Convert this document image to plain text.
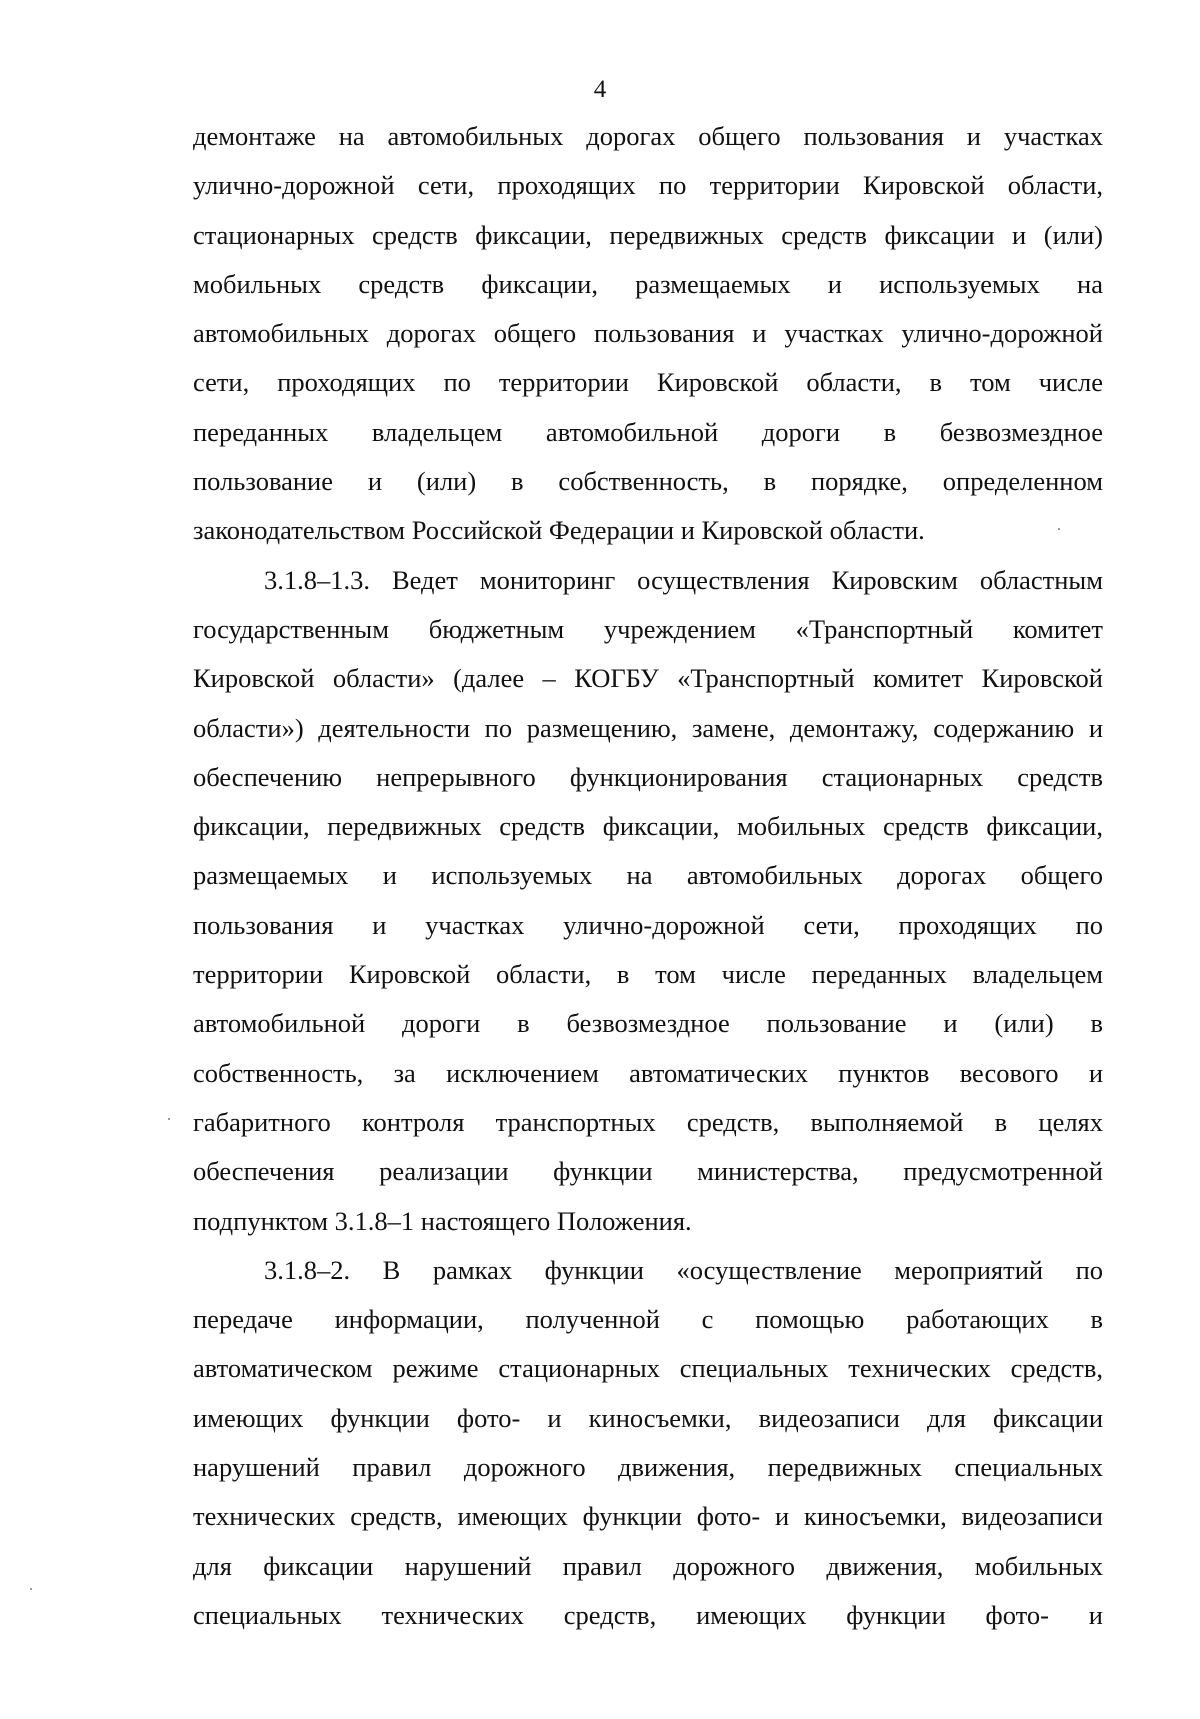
4
демонтаже на автомобильных дорогах общего пользования и участках
улично-дорожной сети, проходящих по территории Кировской области,
стационарных средств фиксации, передвижных средств фиксации и (или)
мобильных средств фиксации, размещаемых и используемых на
автомобильных дорогах общего пользования и участках улично-дорожной
сети, проходящих по территории Кировской области, в том числе
переданных владельцем автомобильной дороги в безвозмездное
пользование и (или) в собственность, в порядке, определенном
законодательством Российской Федерации и Кировской области.
3.1.8–1.3. Ведет мониторинг осуществления Кировским областным
государственным бюджетным учреждением «Транспортный комитет
Кировской области» (далее – КОГБУ «Транспортный комитет Кировской
области») деятельности по размещению, замене, демонтажу, содержанию и
обеспечению непрерывного функционирования стационарных средств
фиксации, передвижных средств фиксации, мобильных средств фиксации,
размещаемых и используемых на автомобильных дорогах общего
пользования и участках улично-дорожной сети, проходящих по
территории Кировской области, в том числе переданных владельцем
автомобильной дороги в безвозмездное пользование и (или) в
собственность, за исключением автоматических пунктов весового и
габаритного контроля транспортных средств, выполняемой в целях
обеспечения реализации функции министерства, предусмотренной
подпунктом 3.1.8–1 настоящего Положения.
3.1.8–2. В рамках функции «осуществление мероприятий по
передаче информации, полученной с помощью работающих в
автоматическом режиме стационарных специальных технических средств,
имеющих функции фото- и киносъемки, видеозаписи для фиксации
нарушений правил дорожного движения, передвижных специальных
технических средств, имеющих функции фото- и киносъемки, видеозаписи
для фиксации нарушений правил дорожного движения, мобильных
специальных технических средств, имеющих функции фото- и
